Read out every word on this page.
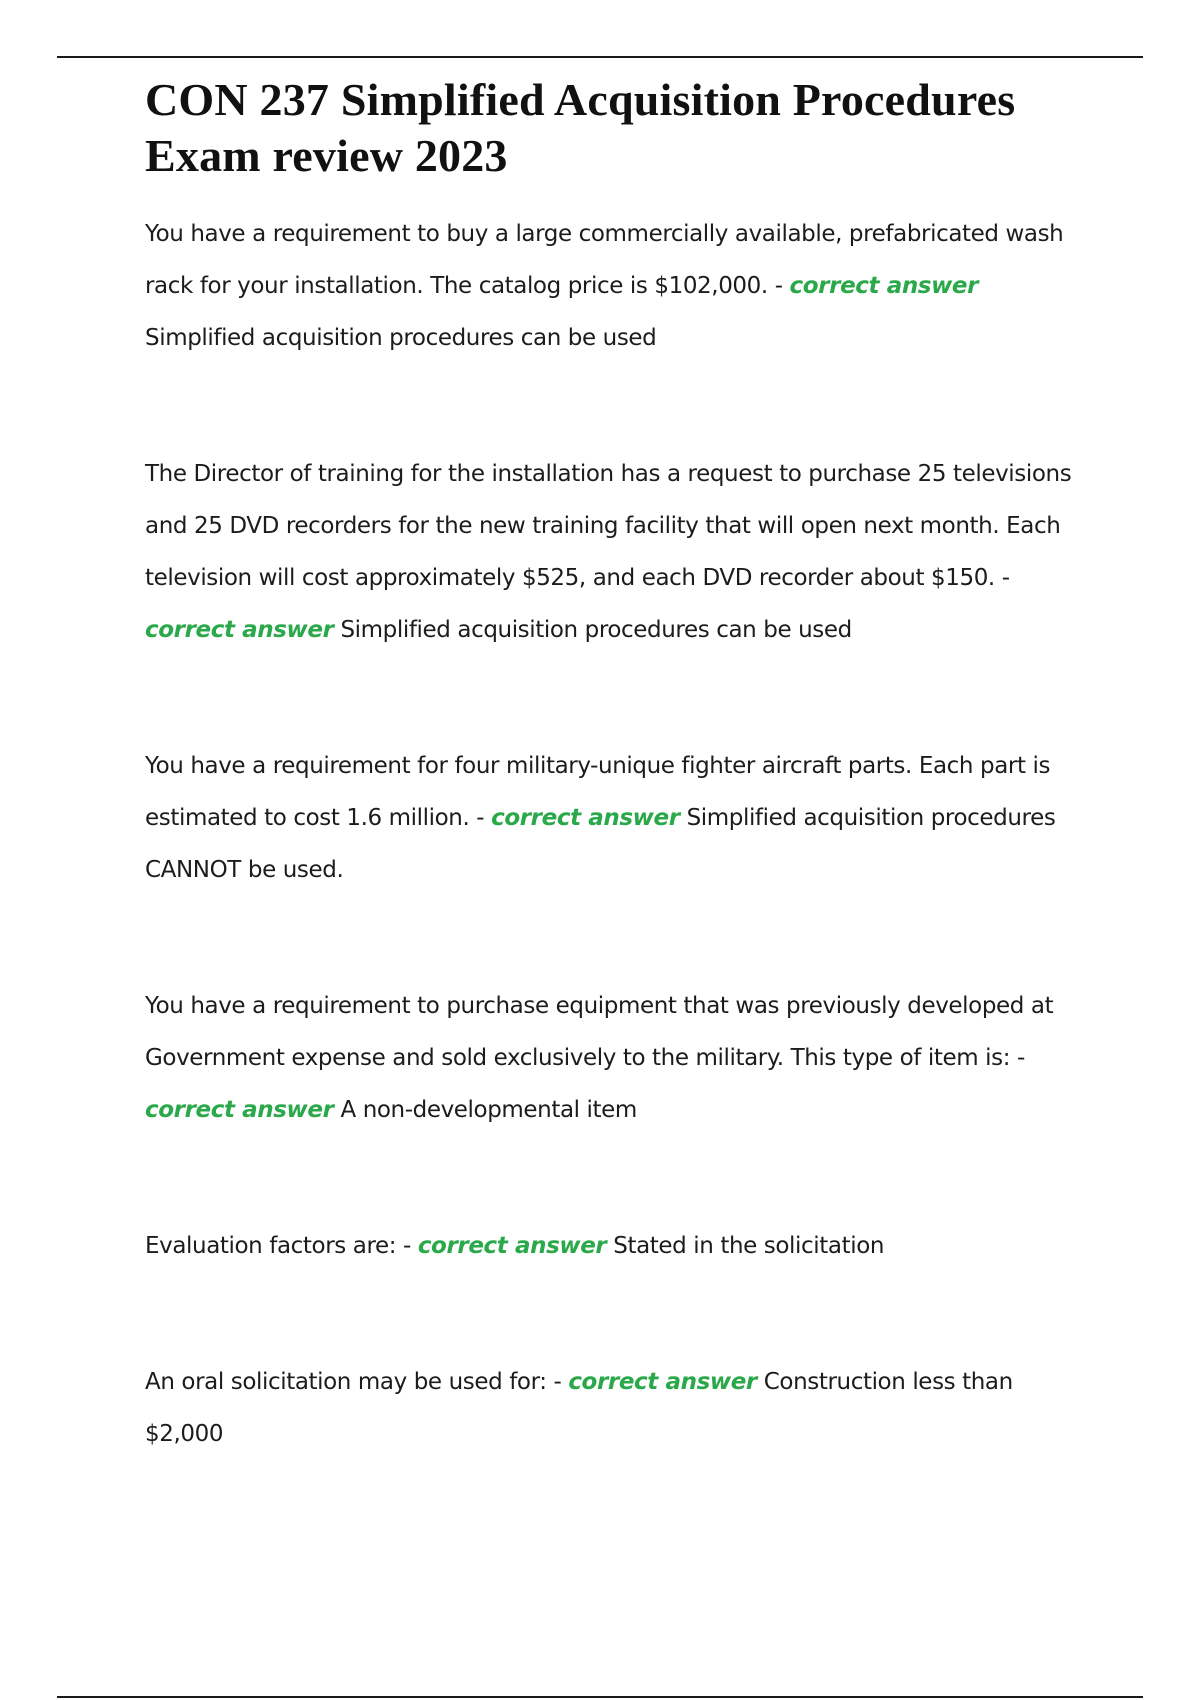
CON 237 Simplified Acquisition Procedures Exam review 2023

You have a requirement to buy a large commercially available, prefabricated wash rack for your installation. The catalog price is $102,000. - correct answer Simplified acquisition procedures can be used

The Director of training for the installation has a request to purchase 25 televisions and 25 DVD recorders for the new training facility that will open next month. Each television will cost approximately $525, and each DVD recorder about $150. - correct answer Simplified acquisition procedures can be used

You have a requirement for four military-unique fighter aircraft parts. Each part is estimated to cost 1.6 million. - correct answer Simplified acquisition procedures CANNOT be used.

You have a requirement to purchase equipment that was previously developed at Government expense and sold exclusively to the military. This type of item is: - correct answer A non-developmental item

Evaluation factors are: - correct answer Stated in the solicitation

An oral solicitation may be used for: - correct answer Construction less than $2,000
